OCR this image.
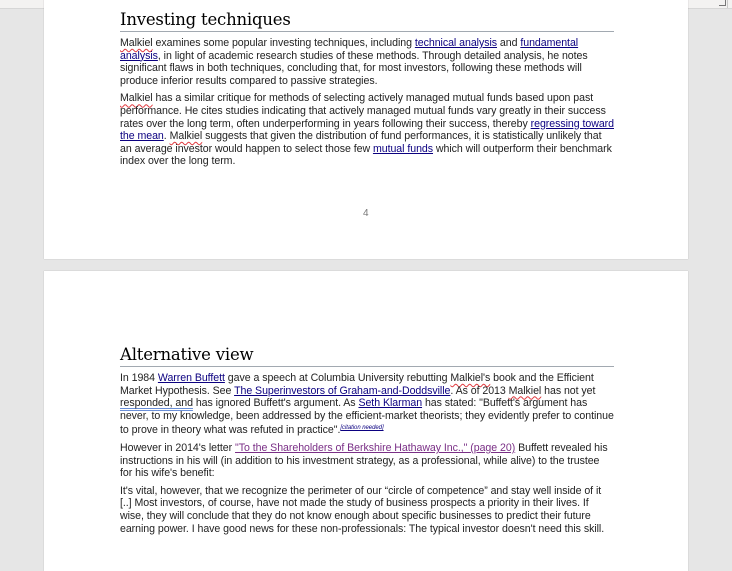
Investing techniques

Malkiel examines some popular investing techniques, including technical analysis and fundamental analysis, in light of academic research studies of these methods. Through detailed analysis, he notes significant flaws in both techniques, concluding that, for most investors, following these methods will produce inferior results compared to passive strategies.

Malkiel has a similar critique for methods of selecting actively managed mutual funds based upon past performance. He cites studies indicating that actively managed mutual funds vary greatly in their success rates over the long term, often underperforming in years following their success, thereby regressing toward the mean. Malkiel suggests that given the distribution of fund performances, it is statistically unlikely that an average investor would happen to select those few mutual funds which will outperform their benchmark index over the long term.

4
Alternative view

In 1984 Warren Buffett gave a speech at Columbia University rebutting Malkiel's book and the Efficient Market Hypothesis. See The Superinvestors of Graham-and-Doddsville. As of 2013 Malkiel has not yet responded, and has ignored Buffett's argument. As Seth Klarman has stated: "Buffett's argument has never, to my knowledge, been addressed by the efficient-market theorists; they evidently prefer to continue to prove in theory what was refuted in practice".[citation needed]

However in 2014's letter "To the Shareholders of Berkshire Hathaway Inc.," (page 20) Buffett revealed his instructions in his will (in addition to his investment strategy, as a professional, while alive) to the trustee for his wife's benefit:

It's vital, however, that we recognize the perimeter of our “circle of competence” and stay well inside of it [..] Most investors, of course, have not made the study of business prospects a priority in their lives. If wise, they will conclude that they do not know enough about specific businesses to predict their future earning power. I have good news for these non-professionals: The typical investor doesn't need this skill.
